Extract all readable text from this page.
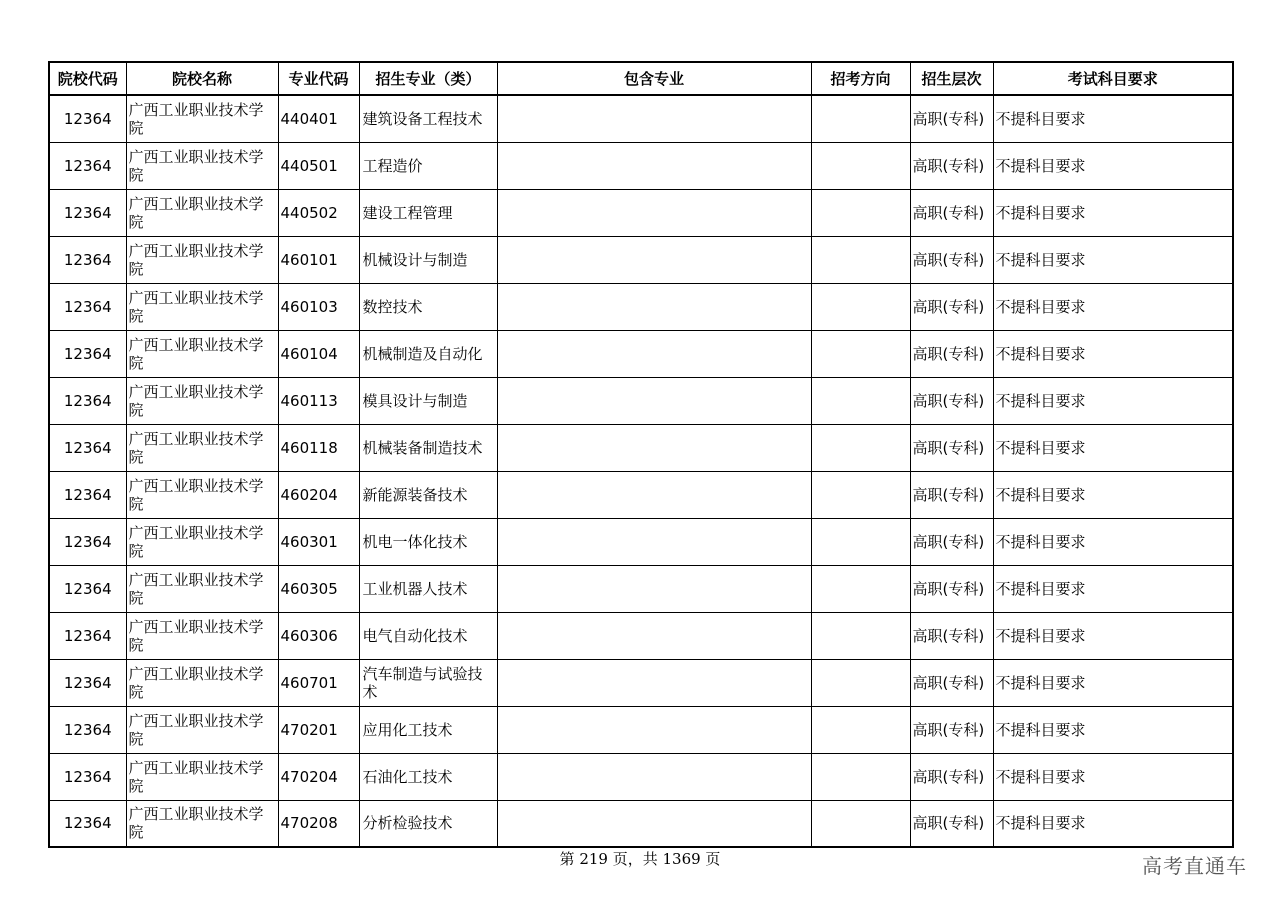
院校代码	院校名称	专业代码	招生专业（类）	包含专业	招考方向	招生层次	考试科目要求
12364	广西工业职业技术学院	440401	建筑设备工程技术			高职(专科)	不提科目要求
12364	广西工业职业技术学院	440501	工程造价			高职(专科)	不提科目要求
12364	广西工业职业技术学院	440502	建设工程管理			高职(专科)	不提科目要求
12364	广西工业职业技术学院	460101	机械设计与制造			高职(专科)	不提科目要求
12364	广西工业职业技术学院	460103	数控技术			高职(专科)	不提科目要求
12364	广西工业职业技术学院	460104	机械制造及自动化			高职(专科)	不提科目要求
12364	广西工业职业技术学院	460113	模具设计与制造			高职(专科)	不提科目要求
12364	广西工业职业技术学院	460118	机械装备制造技术			高职(专科)	不提科目要求
12364	广西工业职业技术学院	460204	新能源装备技术			高职(专科)	不提科目要求
12364	广西工业职业技术学院	460301	机电一体化技术			高职(专科)	不提科目要求
12364	广西工业职业技术学院	460305	工业机器人技术			高职(专科)	不提科目要求
12364	广西工业职业技术学院	460306	电气自动化技术			高职(专科)	不提科目要求
12364	广西工业职业技术学院	460701	汽车制造与试验技术			高职(专科)	不提科目要求
12364	广西工业职业技术学院	470201	应用化工技术			高职(专科)	不提科目要求
12364	广西工业职业技术学院	470204	石油化工技术			高职(专科)	不提科目要求
12364	广西工业职业技术学院	470208	分析检验技术			高职(专科)	不提科目要求
第 219 页，共 1369 页	高考直通车
